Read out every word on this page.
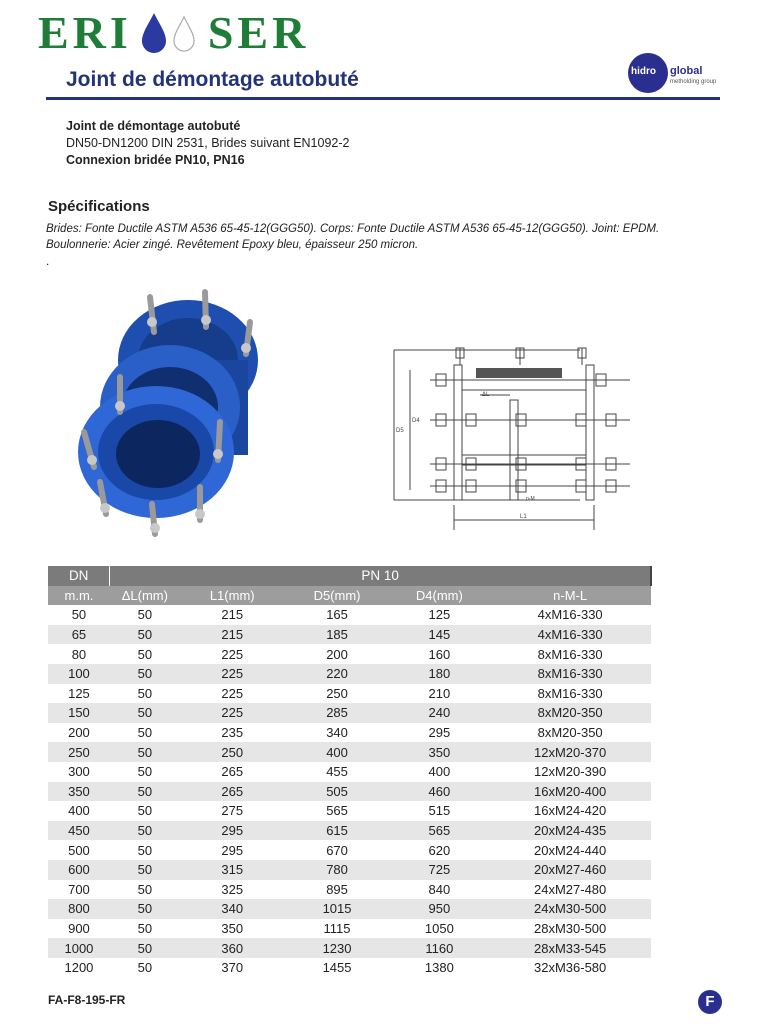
ERI SER
Joint de démontage autobuté	hidro global
metholding group
Joint de démontage autobuté
DN50-DN1200 DIN 2531, Brides suivant EN1092-2
Connexion bridée PN10, PN16
Spécifications
Brides: Fonte Ductile ASTM A536 65-45-12(GGG50). Corps: Fonte Ductile ASTM A536 65-45-12(GGG50). Joint: EPDM. Boulonnerie: Acier zingé. Revêtement Epoxy bleu, épaisseur 250 micron.
.
ΔL
D5
D4
L1
n-M
DN	PN 10				
m.m.	ΔL(mm)	L1(mm)	D5(mm)	D4(mm)	n-M-L
50	50	215	165	125	4xM16-330
65	50	215	185	145	4xM16-330
80	50	225	200	160	8xM16-330
100	50	225	220	180	8xM16-330
125	50	225	250	210	8xM16-330
150	50	225	285	240	8xM20-350
200	50	235	340	295	8xM20-350
250	50	250	400	350	12xM20-370
300	50	265	455	400	12xM20-390
350	50	265	505	460	16xM20-400
400	50	275	565	515	16xM24-420
450	50	295	615	565	20xM24-435
500	50	295	670	620	20xM24-440
600	50	315	780	725	20xM27-460
700	50	325	895	840	24xM27-480
800	50	340	1015	950	24xM30-500
900	50	350	1115	1050	28xM30-500
1000	50	360	1230	1160	28xM33-545
1200	50	370	1455	1380	32xM36-580
FA-F8-195-FR	F
